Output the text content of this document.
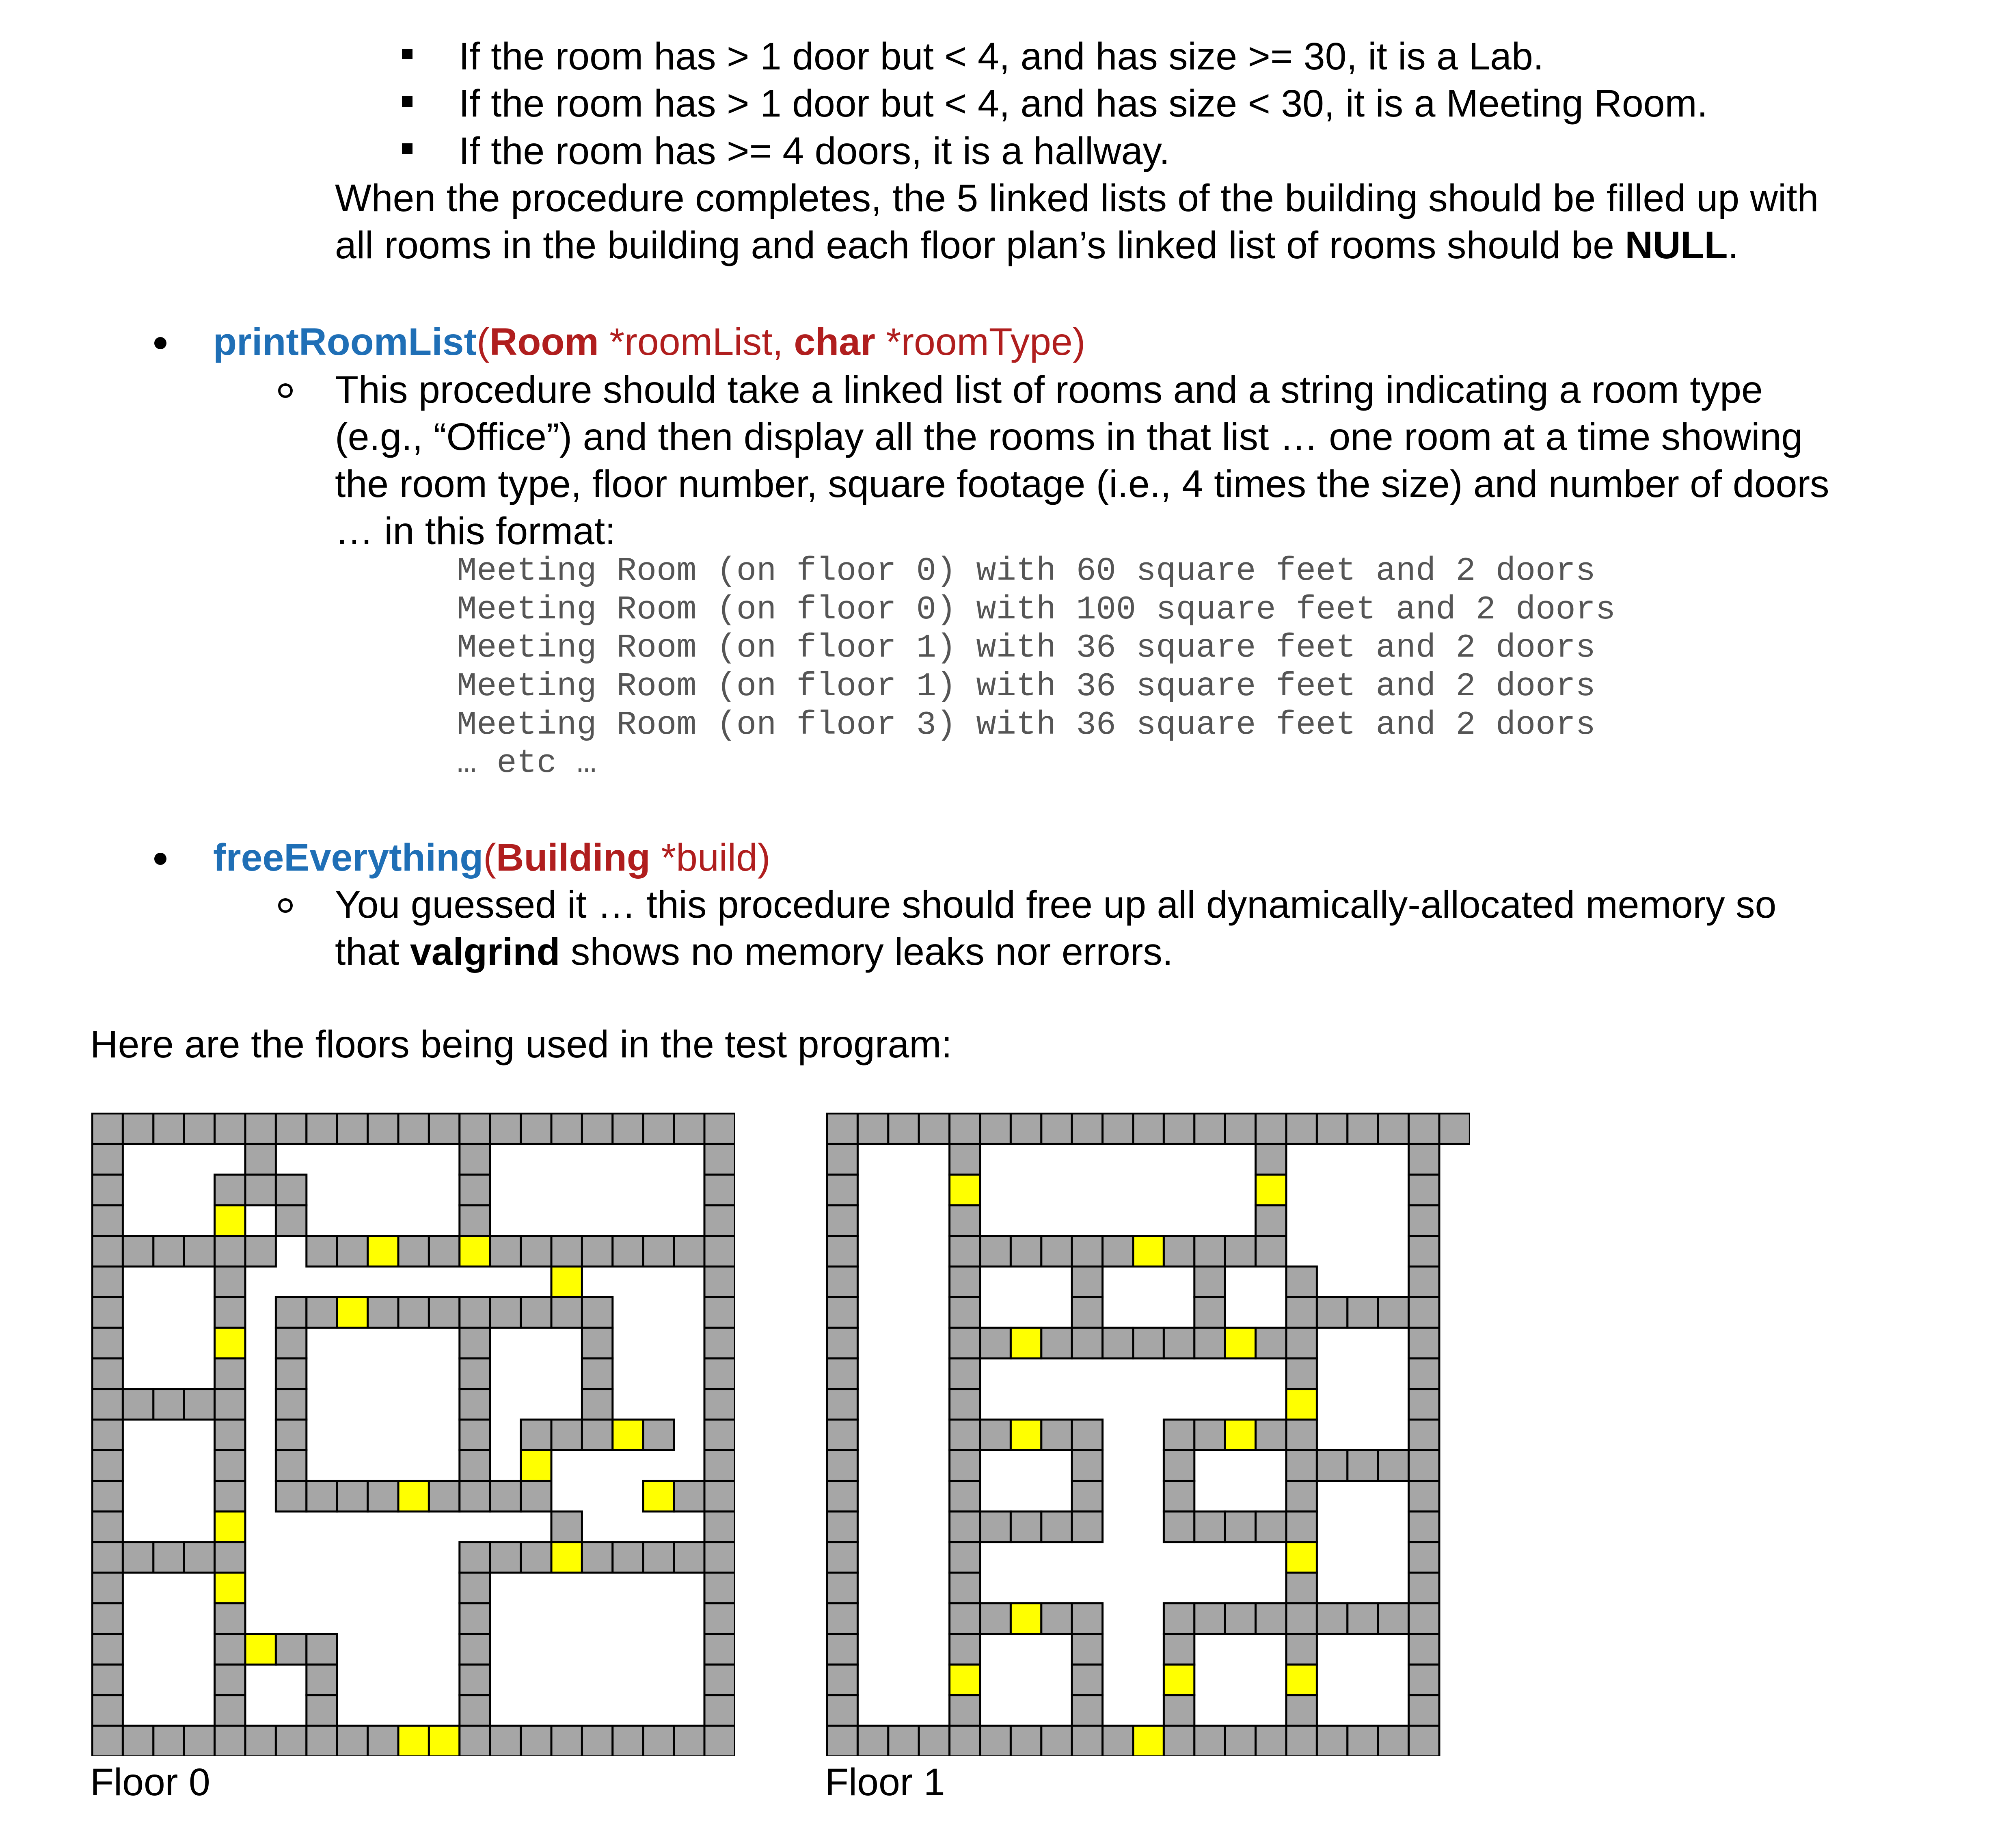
If the room has > 1 door but < 4, and has size >= 30, it is a Lab.
If the room has > 1 door but < 4, and has size < 30, it is a Meeting Room.
If the room has >= 4 doors, it is a hallway.
When the procedure completes, the 5 linked lists of the building should be filled up with
all rooms in the building and each floor plan’s linked list of rooms should be NULL.
printRoomList(Room *roomList, char *roomType)
This procedure should take a linked list of rooms and a string indicating a room type
(e.g., “Office”) and then display all the rooms in that list … one room at a time showing
the room type, floor number, square footage (i.e., 4 times the size) and number of doors
… in this format:
Meeting Room (on floor 0) with 60 square feet and 2 doors
Meeting Room (on floor 0) with 100 square feet and 2 doors
Meeting Room (on floor 1) with 36 square feet and 2 doors
Meeting Room (on floor 1) with 36 square feet and 2 doors
Meeting Room (on floor 3) with 36 square feet and 2 doors
… etc …
freeEverything(Building *build)
You guessed it … this procedure should free up all dynamically-allocated memory so
that valgrind shows no memory leaks nor errors.
Here are the floors being used in the test program:
Floor 0	Floor 1
